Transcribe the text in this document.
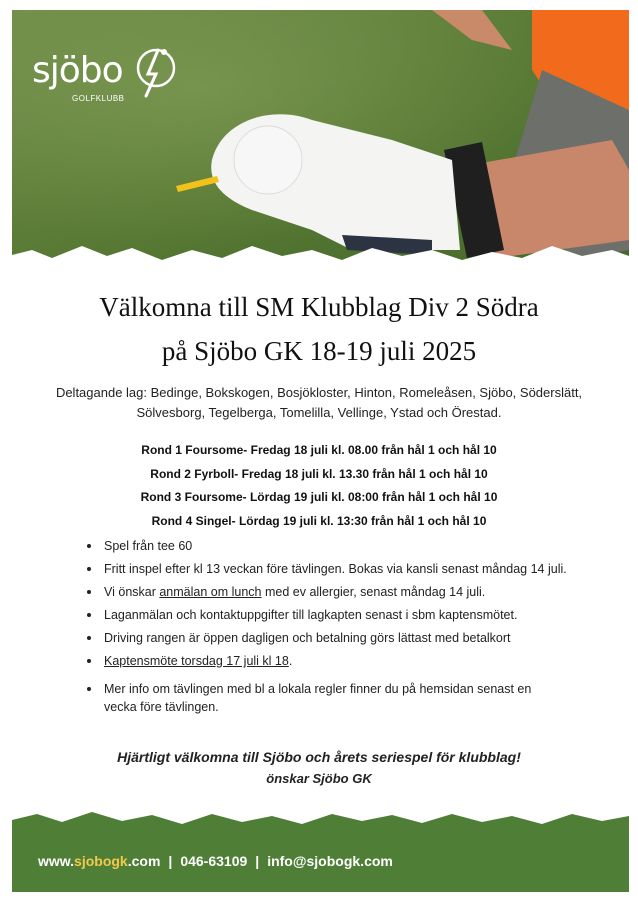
sjöbo
GOLFKLUBB
Välkomna till SM Klubblag Div 2 Södra
på Sjöbo GK 18-19 juli 2025
Deltagande lag: Bedinge, Bokskogen, Bosjökloster, Hinton, Romeleåsen, Sjöbo, Söderslätt,
Sölvesborg, Tegelberga, Tomelilla, Vellinge, Ystad och Örestad.
Rond 1 Foursome- Fredag 18 juli kl. 08.00 från hål 1 och hål 10
Rond 2 Fyrboll- Fredag 18 juli kl. 13.30 från hål 1 och hål 10
Rond 3 Foursome- Lördag 19 juli kl. 08:00 från hål 1 och hål 10
Rond 4 Singel- Lördag 19 juli kl. 13:30 från hål 1 och hål 10
Spel från tee 60
Fritt inspel efter kl 13 veckan före tävlingen. Bokas via kansli senast måndag 14 juli.
Vi önskar anmälan om lunch med ev allergier, senast måndag 14 juli.
Laganmälan och kontaktuppgifter till lagkapten senast i sbm kaptensmötet.
Driving rangen är öppen dagligen och betalning görs lättast med betalkort
Kaptensmöte torsdag 17 juli kl 18.
Mer info om tävlingen med bl a lokala regler finner du på hemsidan senast en
vecka före tävlingen.
Hjärtligt välkomna till Sjöbo och årets seriespel för klubblag!
önskar Sjöbo GK
www.sjobogk.com | 046-63109 | info@sjobogk.com
